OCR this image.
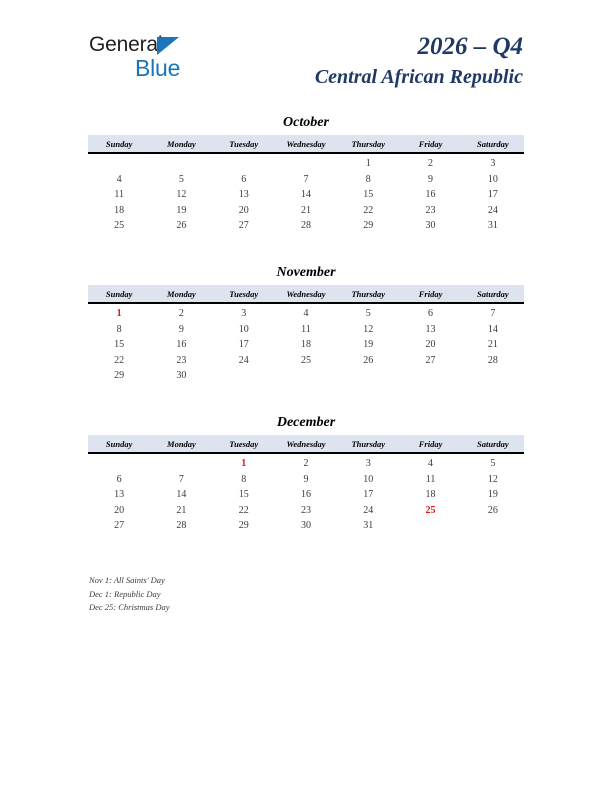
General
Blue
2026 – Q4
Central African Republic
October
Sunday	Monday	Tuesday	Wednesday	Thursday	Friday	Saturday
				1	2	3
4	5	6	7	8	9	10
11	12	13	14	15	16	17
18	19	20	21	22	23	24
25	26	27	28	29	30	31
November
Sunday	Monday	Tuesday	Wednesday	Thursday	Friday	Saturday
1	2	3	4	5	6	7
8	9	10	11	12	13	14
15	16	17	18	19	20	21
22	23	24	25	26	27	28
29	30					
December
Sunday	Monday	Tuesday	Wednesday	Thursday	Friday	Saturday
		1	2	3	4	5
6	7	8	9	10	11	12
13	14	15	16	17	18	19
20	21	22	23	24	25	26
27	28	29	30	31		
Nov 1: All Saints' Day
Dec 1: Republic Day
Dec 25: Christmas Day
